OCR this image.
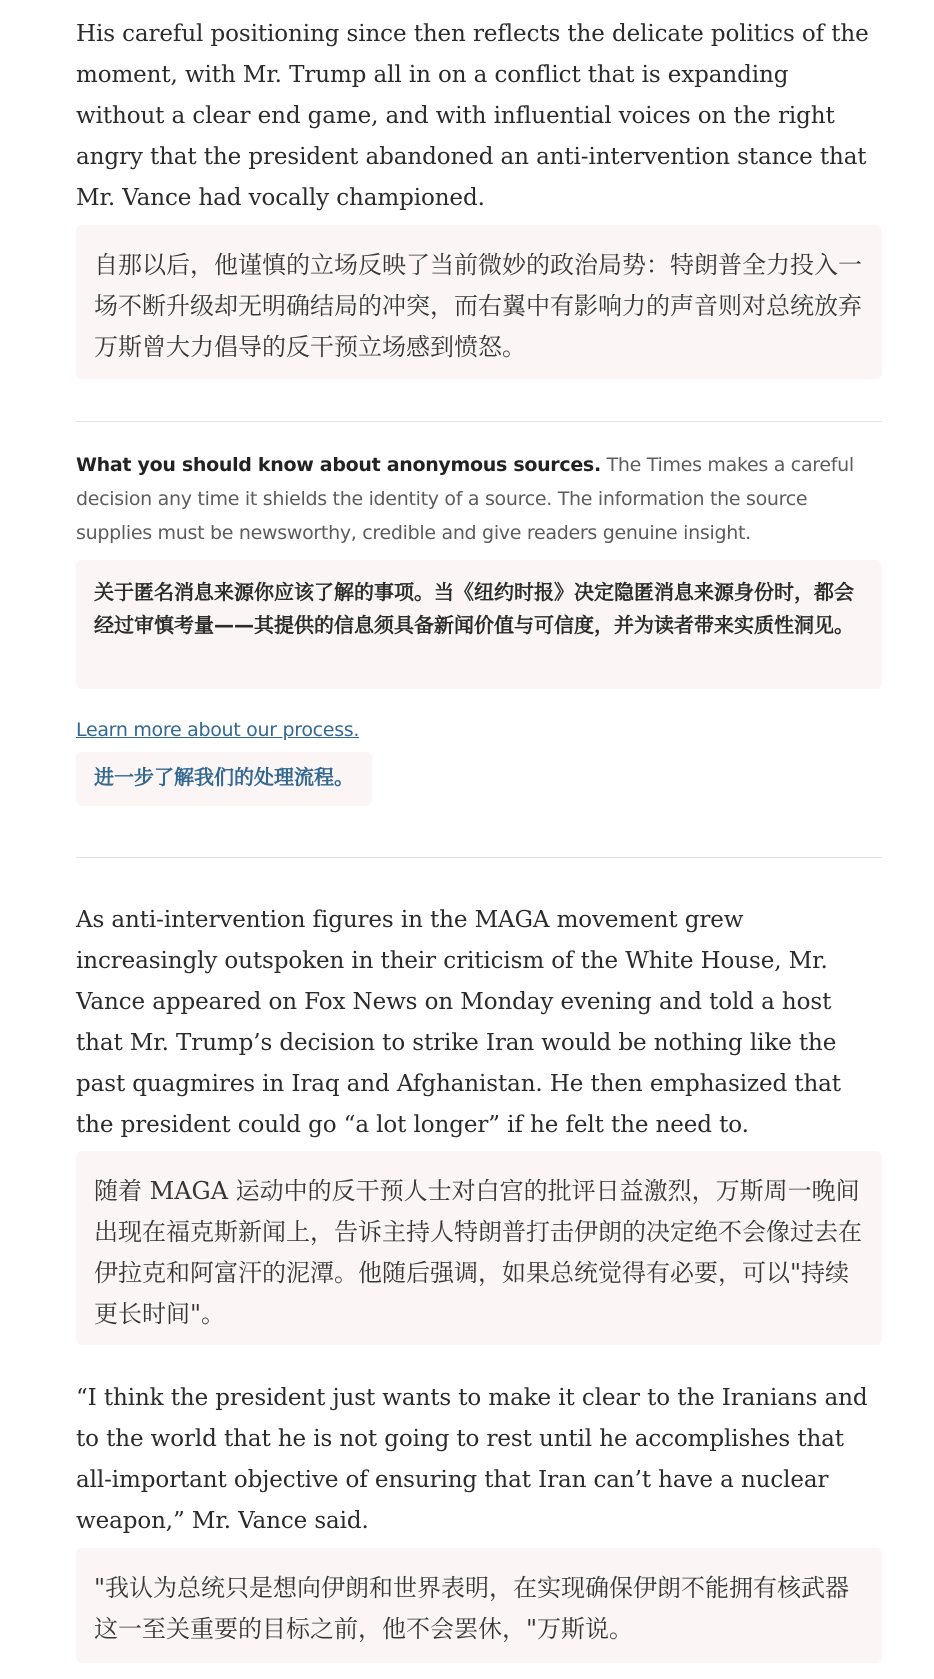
His careful positioning since then reflects the delicate politics of the moment, with Mr. Trump all in on a conflict that is expanding without a clear end game, and with influential voices on the right angry that the president abandoned an anti-intervention stance that Mr. Vance had vocally championed.

自那以后，他谨慎的立场反映了当前微妙的政治局势：特朗普全力投入一场不断升级却无明确结局的冲突，而右翼中有影响力的声音则对总统放弃万斯曾大力倡导的反干预立场感到愤怒。

What you should know about anonymous sources. The Times makes a careful decision any time it shields the identity of a source. The information the source supplies must be newsworthy, credible and give readers genuine insight.

关于匿名消息来源你应该了解的事项。当《纽约时报》决定隐匿消息来源身份时，都会经过审慎考量——其提供的信息须具备新闻价值与可信度，并为读者带来实质性洞见。

Learn more about our process.
进一步了解我们的处理流程。

As anti-intervention figures in the MAGA movement grew increasingly outspoken in their criticism of the White House, Mr. Vance appeared on Fox News on Monday evening and told a host that Mr. Trump’s decision to strike Iran would be nothing like the past quagmires in Iraq and Afghanistan. He then emphasized that the president could go “a lot longer” if he felt the need to.

随着 MAGA 运动中的反干预人士对白宫的批评日益激烈，万斯周一晚间出现在福克斯新闻上，告诉主持人特朗普打击伊朗的决定绝不会像过去在伊拉克和阿富汗的泥潭。他随后强调，如果总统觉得有必要，可以"持续更长时间"。

“I think the president just wants to make it clear to the Iranians and to the world that he is not going to rest until he accomplishes that all-important objective of ensuring that Iran can’t have a nuclear weapon,” Mr. Vance said.

"我认为总统只是想向伊朗和世界表明，在实现确保伊朗不能拥有核武器这一至关重要的目标之前，他不会罢休，"万斯说。
